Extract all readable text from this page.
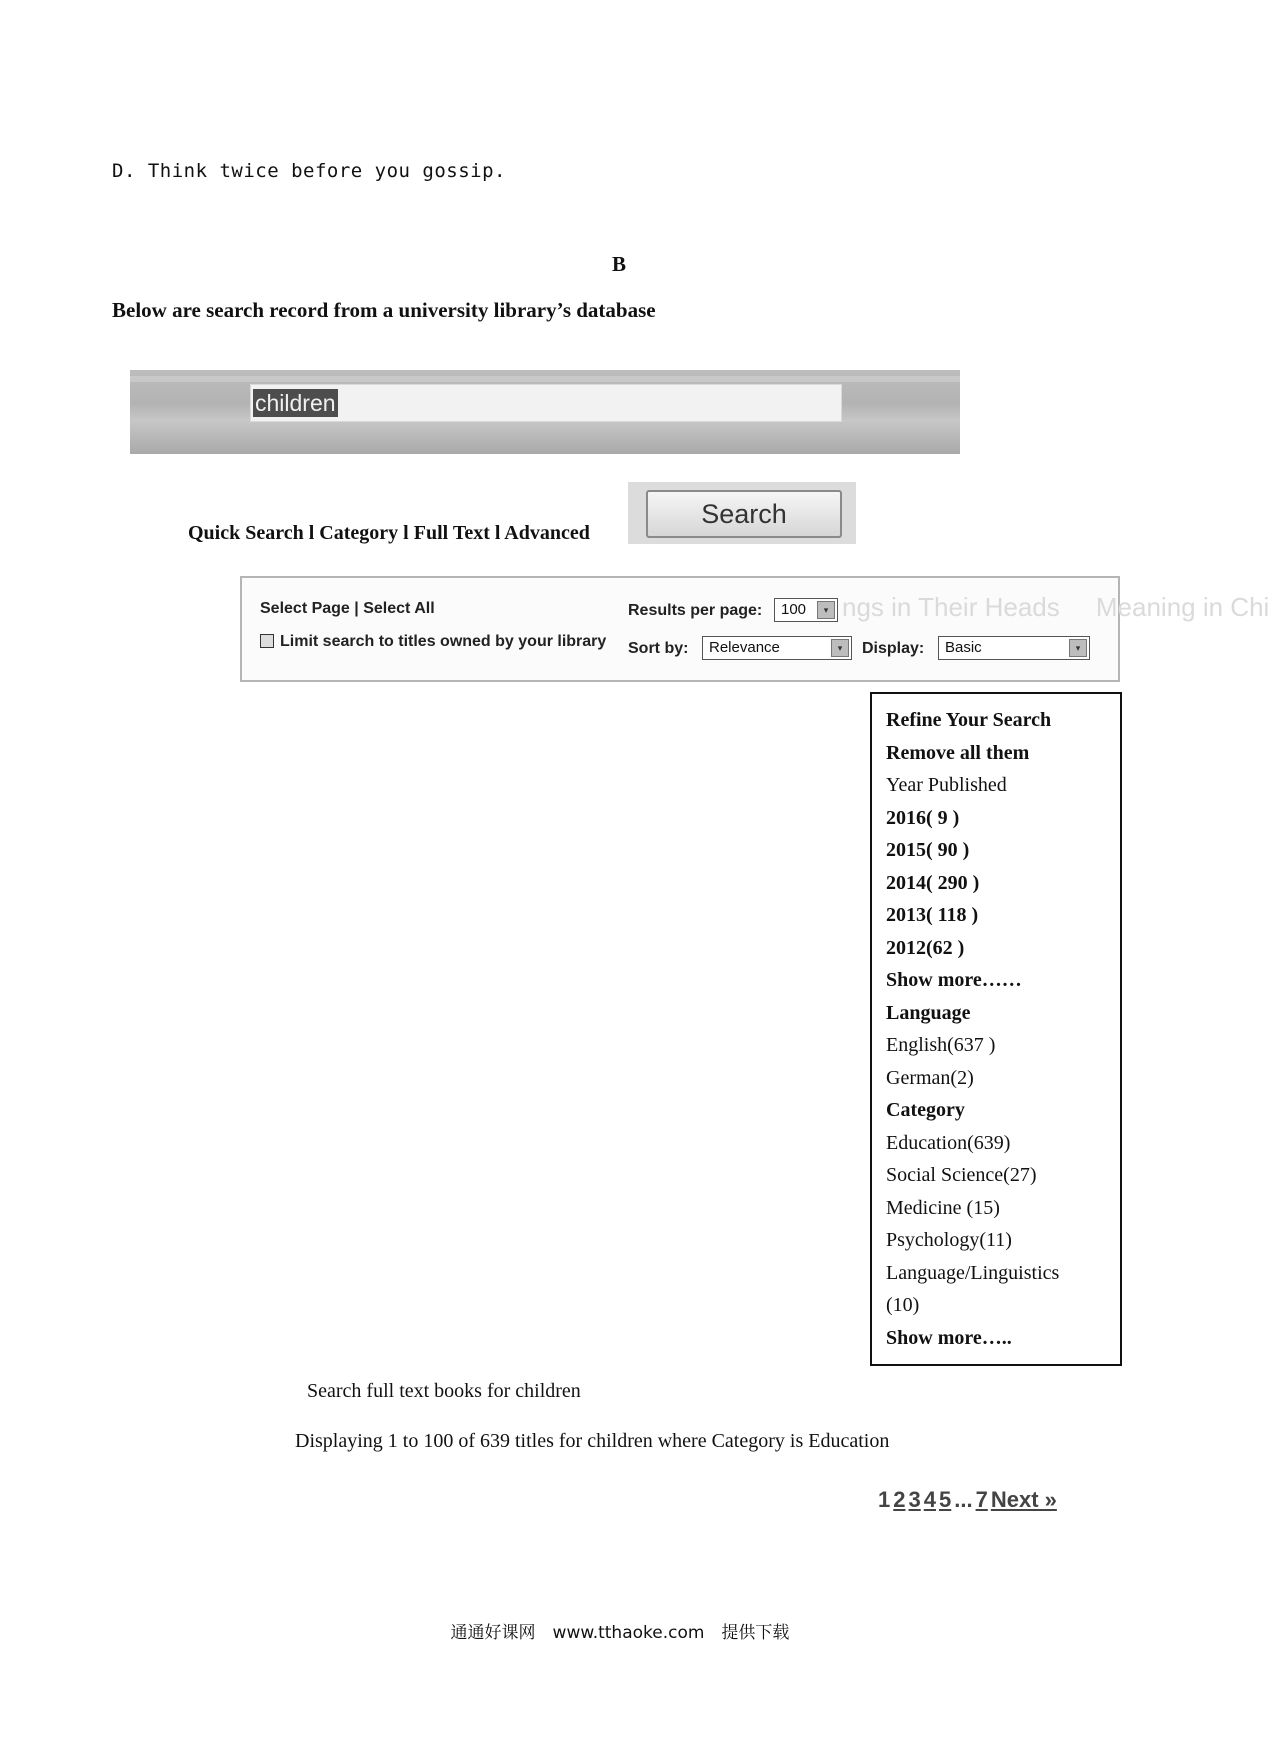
D. Think twice before you gossip.
B
Below are search record from a university library’s database
children
Quick Search l Category l Full Text l Advanced
Search
ngs in Their Heads Meaning in Chi
Select Page | Select All
Limit search to titles owned by your library
Results per page:	100	▾
Sort by:	Relevance	▾	Display:	Basic	▾
Refine Your Search
Remove all them
Year Published
2016( 9 )
2015( 90 )
2014( 290 )
2013( 118 )
2012(62 )
Show more……
Language
English(637 )
German(2)
Category
Education(639)
Social Science(27)
Medicine (15)
Psychology(11)
Language/Linguistics
(10)
Show more…..
Search full text books for children
Displaying 1 to 100 of 639 titles for children where Category is Education
1 2 3 4 5 ... 7 Next »
通通好课网　www.tthaoke.com　提供下载
